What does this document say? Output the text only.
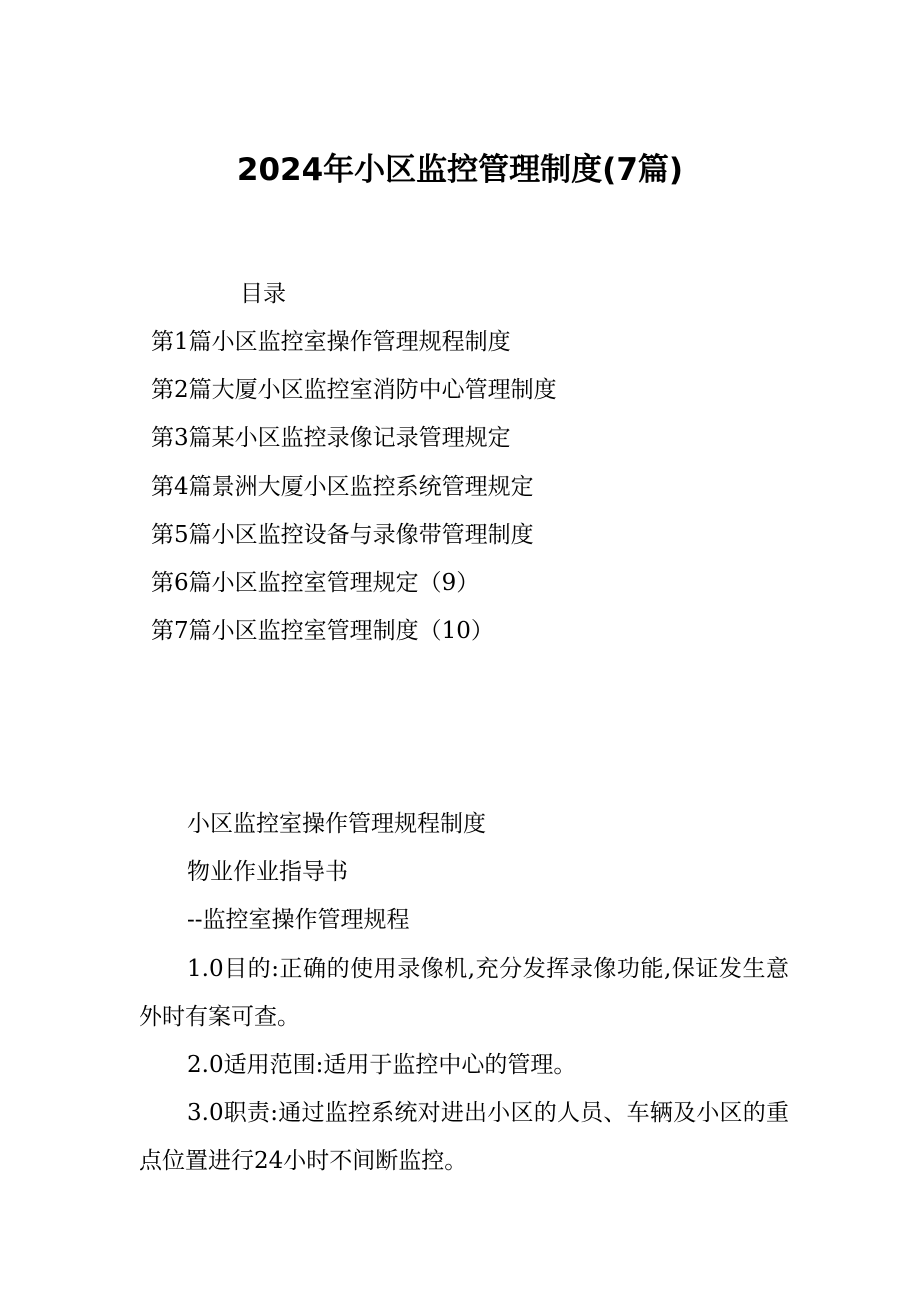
2024年小区监控管理制度(7篇)
目录
第1篇小区监控室操作管理规程制度
第2篇大厦小区监控室消防中心管理制度
第3篇某小区监控录像记录管理规定
第4篇景洲大厦小区监控系统管理规定
第5篇小区监控设备与录像带管理制度
第6篇小区监控室管理规定（9）
第7篇小区监控室管理制度（10）

小区监控室操作管理规程制度

物业作业指导书

--监控室操作管理规程

1.0目的:正确的使用录像机,充分发挥录像功能,保证发生意外时有案可查。

2.0适用范围:适用于监控中心的管理。

3.0职责:通过监控系统对进出小区的人员、车辆及小区的重点位置进行24小时不间断监控。
